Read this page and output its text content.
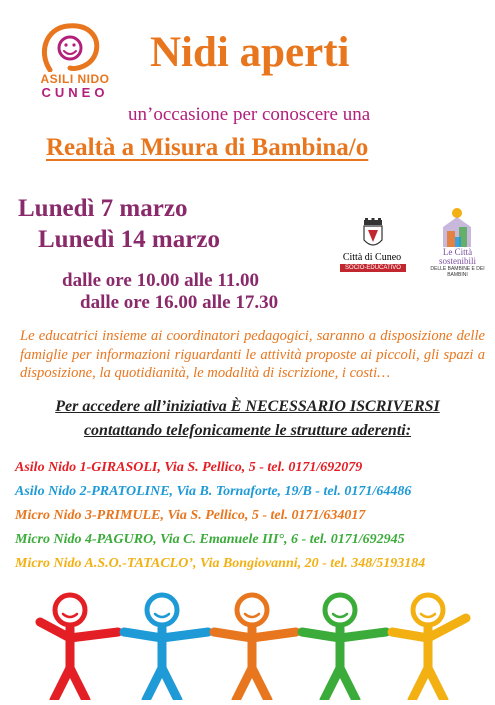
ASILI NIDO
CUNEO
Nidi aperti
un’occasione per conoscere una
Realtà a Misura di Bambina/o
Lunedì 7 marzo
Lunedì 14 marzo
dalle ore 10.00 alle 11.00
dalle ore 16.00 alle 17.30
Città di Cuneo
SOCIO-EDUCATIVO
Le Città sostenibili
DELLE BAMBINE E DEI BAMBINI
Le educatrici insieme ai coordinatori pedagogici, saranno a disposizione delle famiglie per informazioni riguardanti le attività proposte ai piccoli, gli spazi a disposizione, la quotidianità, le modalità di iscrizione, i costi…
Per accedere all’iniziativa È NECESSARIO ISCRIVERSI
contattando telefonicamente le strutture aderenti:
Asilo Nido 1-GIRASOLI, Via S. Pellico, 5 - tel. 0171/692079
Asilo Nido 2-PRATOLINE, Via B. Tornaforte, 19/B - tel. 0171/64486
Micro Nido 3-PRIMULE, Via S. Pellico, 5 - tel. 0171/634017
Micro Nido 4-PAGURO, Via C. Emanuele III°, 6 - tel. 0171/692945
Micro Nido A.S.O.-TATACLO’, Via Bongiovanni, 20 - tel. 348/5193184
